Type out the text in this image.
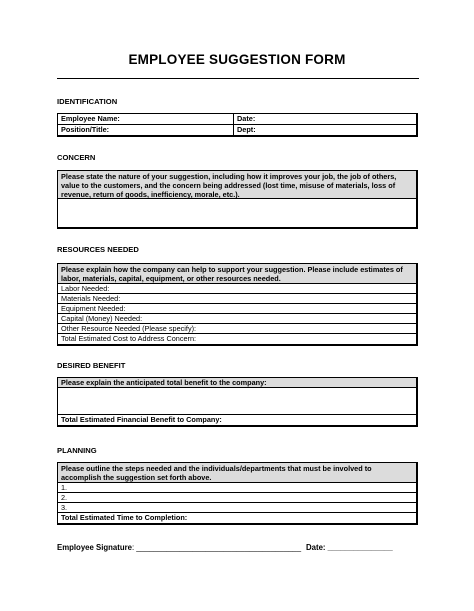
EMPLOYEE SUGGESTION FORM
IDENTIFICATION
Employee Name:	Date:
Position/Title:	Dept:
CONCERN
Please state the nature of your suggestion, including how it improves your job, the job of others, value to the customers, and the concern being addressed (lost time, misuse of materials, loss of revenue, return of goods, inefficiency, morale, etc.).
RESOURCES NEEDED
Please explain how the company can help to support your suggestion. Please include estimates of labor, materials, capital, equipment, or other resources needed.
Labor Needed:
Materials Needed:
Equipment Needed:
Capital (Money) Needed:
Other Resource Needed (Please specify):
Total Estimated Cost to Address Concern:
DESIRED BENEFIT
Please explain the anticipated total benefit to the company:
Total Estimated Financial Benefit to Company:
PLANNING
Please outline the steps needed and the individuals/departments that must be involved to accomplish the suggestion set forth above.
1.
2.
3.
Total Estimated Time to Completion:
Employee Signature: ______________________________________ Date: _______________
